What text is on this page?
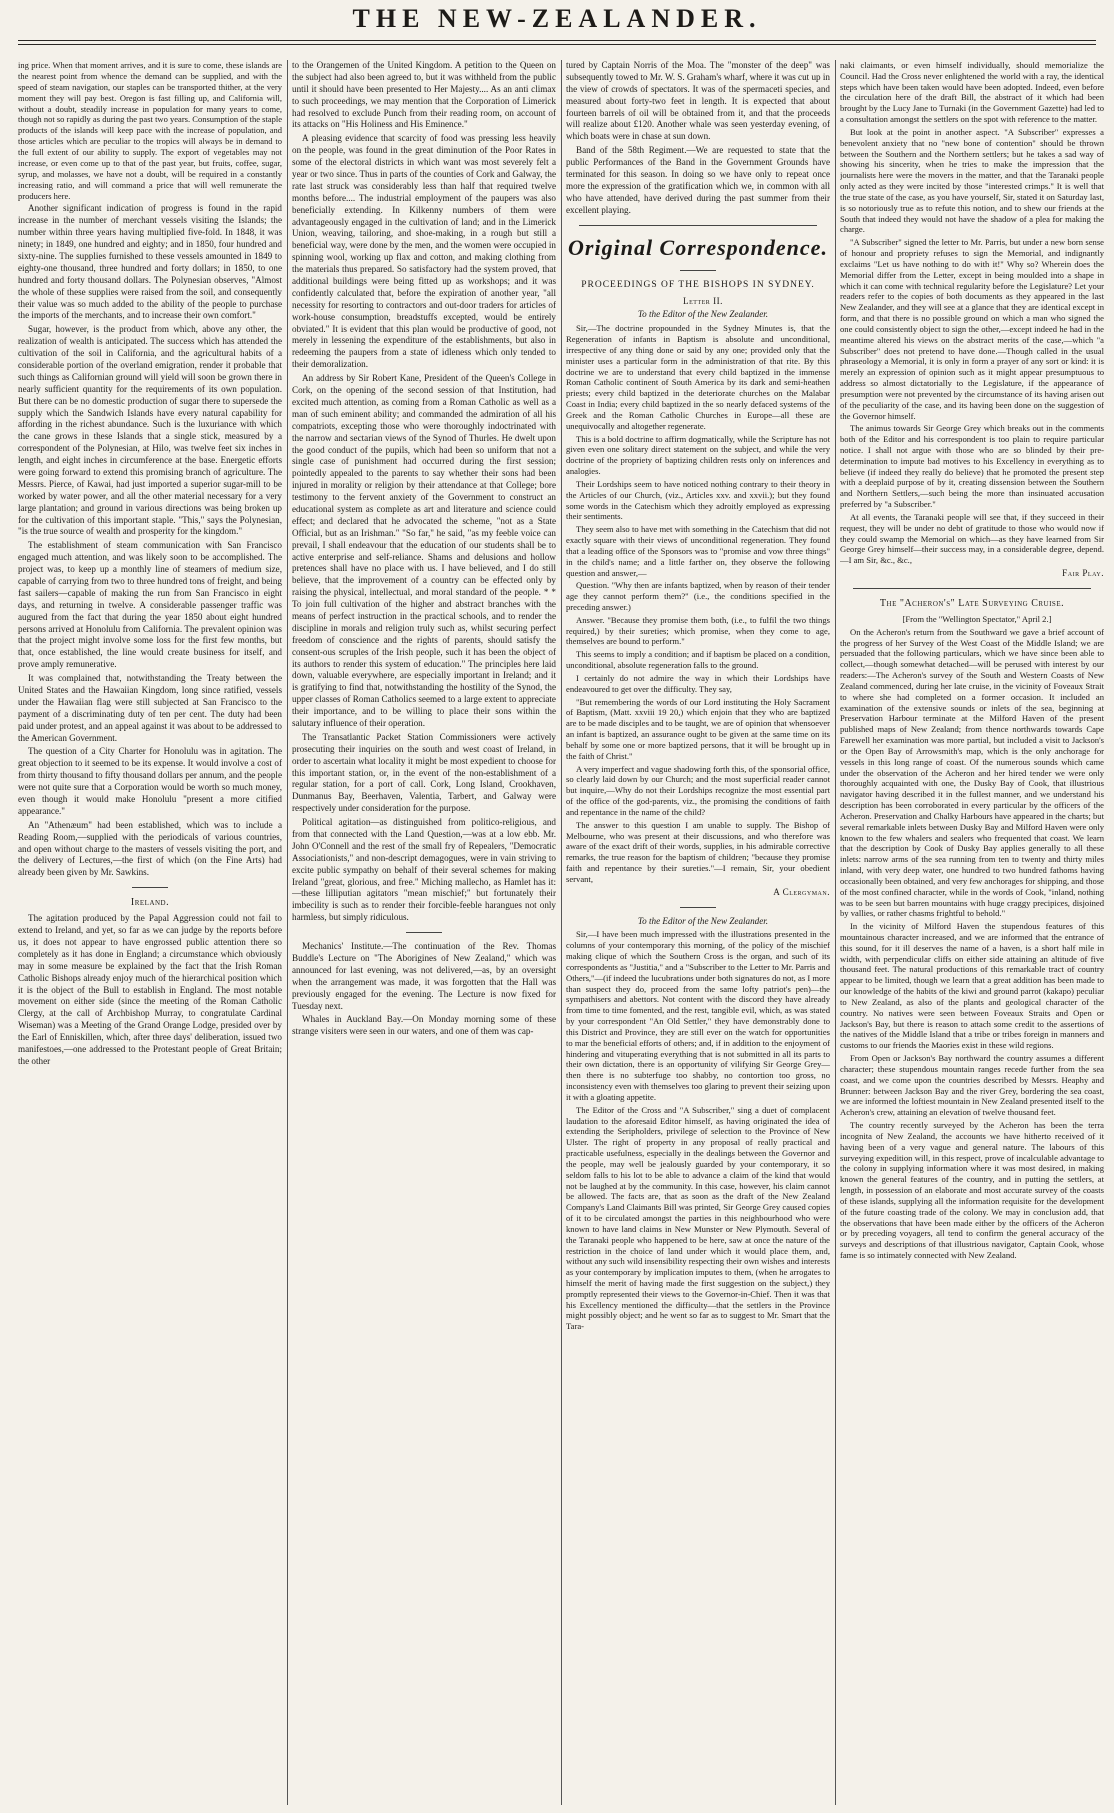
THE NEW-ZEALANDER.

ing price. When that moment arrives, and it is sure to come, these islands are the nearest point from whence the demand can be supplied, and with the speed of steam navigation, our staples can be transported thither, at the very moment they will pay best. Oregon is fast filling up, and California will, without a doubt, steadily increase in population for many years to come, though not so rapidly as during the past two years. Consumption of the staple products of the islands will keep pace with the increase of population, and those articles which are peculiar to the tropics will always be in demand to the full extent of our ability to supply. The export of vegetables may not increase, or even come up to that of the past year, but fruits, coffee, sugar, syrup, and molasses, we have not a doubt, will be required in a constantly increasing ratio, and will command a price that will well remunerate the producers here.

Another significant indication of progress is found in the rapid increase in the number of merchant vessels visiting the Islands; the number within three years having multiplied five-fold. In 1848, it was ninety; in 1849, one hundred and eighty; and in 1850, four hundred and sixty-nine. The supplies furnished to these vessels amounted in 1849 to eighty-one thousand, three hundred and forty dollars; in 1850, to one hundred and forty thousand dollars. The Polynesian observes, "Almost the whole of these supplies were raised from the soil, and consequently their value was so much added to the ability of the people to purchase the imports of the merchants, and to increase their own comfort."

Sugar, however, is the product from which, above any other, the realization of wealth is anticipated. The success which has attended the cultivation of the soil in California, and the agricultural habits of a considerable portion of the overland emigration, render it probable that such things as Californian ground will yield will soon be grown there in nearly sufficient quantity for the requirements of its own population. But there can be no domestic production of sugar there to supersede the supply which the Sandwich Islands have every natural capability for affording in the richest abundance. Such is the luxuriance with which the cane grows in these Islands that a single stick, measured by a correspondent of the Polynesian, at Hilo, was twelve feet six inches in length, and eight inches in circumference at the base. Energetic efforts were going forward to extend this promising branch of agriculture. The Messrs. Pierce, of Kawai, had just imported a superior sugar-mill to be worked by water power, and all the other material necessary for a very large plantation; and ground in various directions was being broken up for the cultivation of this important staple. "This," says the Polynesian, "is the true source of wealth and prosperity for the kingdom."

The establishment of steam communication with San Francisco engaged much attention, and was likely soon to be accomplished. The project was, to keep up a monthly line of steamers of medium size, capable of carrying from two to three hundred tons of freight, and being fast sailers—capable of making the run from San Francisco in eight days, and returning in twelve. A considerable passenger traffic was augured from the fact that during the year 1850 about eight hundred persons arrived at Honolulu from California. The prevalent opinion was that the project might involve some loss for the first few months, but that, once established, the line would create business for itself, and prove amply remunerative.

It was complained that, notwithstanding the Treaty between the United States and the Hawaiian Kingdom, long since ratified, vessels under the Hawaiian flag were still subjected at San Francisco to the payment of a discriminating duty of ten per cent. The duty had been paid under protest, and an appeal against it was about to be addressed to the American Government.

The question of a City Charter for Honolulu was in agitation. The great objection to it seemed to be its expense. It would involve a cost of from thirty thousand to fifty thousand dollars per annum, and the people were not quite sure that a Corporation would be worth so much money, even though it would make Honolulu "present a more citified appearance."

An "Athenæum" had been established, which was to include a Reading Room,—supplied with the periodicals of various countries, and open without charge to the masters of vessels visiting the port, and the delivery of Lectures,—the first of which (on the Fine Arts) had already been given by Mr. Sawkins.

Ireland.

The agitation produced by the Papal Aggression could not fail to extend to Ireland, and yet, so far as we can judge by the reports before us, it does not appear to have engrossed public attention there so completely as it has done in England; a circumstance which obviously may in some measure be explained by the fact that the Irish Roman Catholic Bishops already enjoy much of the hierarchical position which it is the object of the Bull to establish in England. The most notable movement on either side (since the meeting of the Roman Catholic Clergy, at the call of Archbishop Murray, to congratulate Cardinal Wiseman) was a Meeting of the Grand Orange Lodge, presided over by the Earl of Enniskillen, which, after three days' deliberation, issued two manifestoes,—one addressed to the Protestant people of Great Britain; the other

to the Orangemen of the United Kingdom. A petition to the Queen on the subject had also been agreed to, but it was withheld from the public until it should have been presented to Her Majesty.... As an anti climax to such proceedings, we may mention that the Corporation of Limerick had resolved to exclude Punch from their reading room, on account of its attacks on "His Holiness and His Eminence."

A pleasing evidence that scarcity of food was pressing less heavily on the people, was found in the great diminution of the Poor Rates in some of the electoral districts in which want was most severely felt a year or two since. Thus in parts of the counties of Cork and Galway, the rate last struck was considerably less than half that required twelve months before.... The industrial employment of the paupers was also beneficially extending. In Kilkenny numbers of them were advantageously engaged in the cultivation of land; and in the Limerick Union, weaving, tailoring, and shoe-making, in a rough but still a beneficial way, were done by the men, and the women were occupied in spinning wool, working up flax and cotton, and making clothing from the materials thus prepared. So satisfactory had the system proved, that additional buildings were being fitted up as workshops; and it was confidently calculated that, before the expiration of another year, "all necessity for resorting to contractors and out-door traders for articles of work-house consumption, breadstuffs excepted, would be entirely obviated." It is evident that this plan would be productive of good, not merely in lessening the expenditure of the establishments, but also in redeeming the paupers from a state of idleness which only tended to their demoralization.

An address by Sir Robert Kane, President of the Queen's College in Cork, on the opening of the second session of that Institution, had excited much attention, as coming from a Roman Catholic as well as a man of such eminent ability; and commanded the admiration of all his compatriots, excepting those who were thoroughly indoctrinated with the narrow and sectarian views of the Synod of Thurles. He dwelt upon the good conduct of the pupils, which had been so uniform that not a single case of punishment had occurred during the first session; pointedly appealed to the parents to say whether their sons had been injured in morality or religion by their attendance at that College; bore testimony to the fervent anxiety of the Government to construct an educational system as complete as art and literature and science could effect; and declared that he advocated the scheme, "not as a State Official, but as an Irishman." "So far," he said, "as my feeble voice can prevail, I shall endeavour that the education of our students shall be to active enterprise and self-reliance. Shams and delusions and hollow pretences shall have no place with us. I have believed, and I do still believe, that the improvement of a country can be effected only by raising the physical, intellectual, and moral standard of the people. * * To join full cultivation of the higher and abstract branches with the means of perfect instruction in the practical schools, and to render the discipline in morals and religion truly such as, whilst securing perfect freedom of conscience and the rights of parents, should satisfy the consent-ous scruples of the Irish people, such it has been the object of its authors to render this system of education." The principles here laid down, valuable everywhere, are especially important in Ireland; and it is gratifying to find that, notwithstanding the hostility of the Synod, the upper classes of Roman Catholics seemed to a large extent to appreciate their importance, and to be willing to place their sons within the salutary influence of their operation.

The Transatlantic Packet Station Commissioners were actively prosecuting their inquiries on the south and west coast of Ireland, in order to ascertain what locality it might be most expedient to choose for this important station, or, in the event of the non-establishment of a regular station, for a port of call. Cork, Long Island, Crookhaven, Dunmanus Bay, Beerhaven, Valentia, Tarbert, and Galway were respectively under consideration for the purpose.

Political agitation—as distinguished from politico-religious, and from that connected with the Land Question,—was at a low ebb. Mr. John O'Connell and the rest of the small fry of Repealers, "Democratic Associationists," and non-descript demagogues, were in vain striving to excite public sympathy on behalf of their several schemes for making Ireland "great, glorious, and free." Miching mallecho, as Hamlet has it:—these lilliputian agitators "mean mischief;" but fortunately their imbecility is such as to render their forcible-feeble harangues not only harmless, but simply ridiculous.

Mechanics' Institute.—The continuation of the Rev. Thomas Buddle's Lecture on "The Aborigines of New Zealand," which was announced for last evening, was not delivered,—as, by an oversight when the arrangement was made, it was forgotten that the Hall was previously engaged for the evening. The Lecture is now fixed for Tuesday next.

Whales in Auckland Bay.—On Monday morning some of these strange visiters were seen in our waters, and one of them was cap-

tured by Captain Norris of the Moa. The "monster of the deep" was subsequently towed to Mr. W. S. Graham's wharf, where it was cut up in the view of crowds of spectators. It was of the spermaceti species, and measured about forty-two feet in length. It is expected that about fourteen barrels of oil will be obtained from it, and that the proceeds will realize about £120. Another whale was seen yesterday evening, of which boats were in chase at sun down.

Band of the 58th Regiment.—We are requested to state that the public Performances of the Band in the Government Grounds have terminated for this season. In doing so we have only to repeat once more the expression of the gratification which we, in common with all who have attended, have derived during the past summer from their excellent playing.

Original Correspondence.
PROCEEDINGS OF THE BISHOPS IN SYDNEY.

Letter II.

To the Editor of the New Zealander.

Sir,—The doctrine propounded in the Sydney Minutes is, that the Regeneration of infants in Baptism is absolute and unconditional, irrespective of any thing done or said by any one; provided only that the minister uses a particular form in the administration of that rite. By this doctrine we are to understand that every child baptized in the immense Roman Catholic continent of South America by its dark and semi-heathen priests; every child baptized in the deteriorate churches on the Malabar Coast in India; every child baptized in the so nearly defaced systems of the Greek and the Roman Catholic Churches in Europe—all these are unequivocally and altogether regenerate.

This is a bold doctrine to affirm dogmatically, while the Scripture has not given even one solitary direct statement on the subject, and while the very doctrine of the propriety of baptizing children rests only on inferences and analogies.

Their Lordships seem to have noticed nothing contrary to their theory in the Articles of our Church, (viz., Articles xxv. and xxvii.); but they found some words in the Catechism which they adroitly employed as expressing their sentiments.

They seem also to have met with something in the Catechism that did not exactly square with their views of unconditional regeneration. They found that a leading office of the Sponsors was to "promise and vow three things" in the child's name; and a little farther on, they observe the following question and answer,—

Question. "Why then are infants baptized, when by reason of their tender age they cannot perform them?" (i.e., the conditions specified in the preceding answer.)

Answer. "Because they promise them both, (i.e., to fulfil the two things required,) by their sureties; which promise, when they come to age, themselves are bound to perform."

This seems to imply a condition; and if baptism be placed on a condition, unconditional, absolute regeneration falls to the ground.

I certainly do not admire the way in which their Lordships have endeavoured to get over the difficulty. They say,

"But remembering the words of our Lord instituting the Holy Sacrament of Baptism, (Matt. xxviii 19 20,) which enjoin that they who are baptized are to be made disciples and to be taught, we are of opinion that whensoever an infant is baptized, an assurance ought to be given at the same time on its behalf by some one or more baptized persons, that it will be brought up in the faith of Christ."

A very imperfect and vague shadowing forth this, of the sponsorial office, so clearly laid down by our Church; and the most superficial reader cannot but inquire,—Why do not their Lordships recognize the most essential part of the office of the god-parents, viz., the promising the conditions of faith and repentance in the name of the child?

The answer to this question I am unable to supply. The Bishop of Melbourne, who was present at their discussions, and who therefore was aware of the exact drift of their words, supplies, in his admirable corrective remarks, the true reason for the baptism of children; "because they promise faith and repentance by their sureties."—I remain, Sir, your obedient servant,

A Clergyman.

To the Editor of the New Zealander.

Sir,—I have been much impressed with the illustrations presented in the columns of your contemporary this morning, of the policy of the mischief making clique of which the Southern Cross is the organ, and such of its correspondents as "Justitia," and a "Subscriber to the Letter to Mr. Parris and Others,"—(if indeed the lucubrations under both signatures do not, as I more than suspect they do, proceed from the same lofty patriot's pen)—the sympathisers and abettors. Not content with the discord they have already from time to time fomented, and the rest, tangible evil, which, as was stated by your correspondent "An Old Settler," they have demonstrably done to this District and Province, they are still ever on the watch for opportunities to mar the beneficial efforts of others; and, if in addition to the enjoyment of hindering and vituperating everything that is not submitted in all its parts to their own dictation, there is an opportunity of vilifying Sir George Grey—then there is no subterfuge too shabby, no contortion too gross, no inconsistency even with themselves too glaring to prevent their seizing upon it with a gloating appetite.

The Editor of the Cross and "A Subscriber," sing a duet of complacent laudation to the aforesaid Editor himself, as having originated the idea of extending the Seripholders, privilege of selection to the Province of New Ulster. The right of property in any proposal of really practical and practicable usefulness, especially in the dealings between the Governor and the people, may well be jealously guarded by your contemporary, it so seldom falls to his lot to be able to advance a claim of the kind that would not be laughed at by the community. In this case, however, his claim cannot be allowed. The facts are, that as soon as the draft of the New Zealand Company's Land Claimants Bill was printed, Sir George Grey caused copies of it to be circulated amongst the parties in this neighbourhood who were known to have land claims in New Munster or New Plymouth. Several of the Taranaki people who happened to be here, saw at once the nature of the restriction in the choice of land under which it would place them, and, without any such wild insensibility respecting their own wishes and interests as your contemporary by implication imputes to them, (when he arrogates to himself the merit of having made the first suggestion on the subject,) they promptly represented their views to the Governor-in-Chief. Then it was that his Excellency mentioned the difficulty—that the settlers in the Province might possibly object; and he went so far as to suggest to Mr. Smart that the Tara-

naki claimants, or even himself individually, should memorialize the Council. Had the Cross never enlightened the world with a ray, the identical steps which have been taken would have been adopted. Indeed, even before the circulation here of the draft Bill, the abstract of it which had been brought by the Lucy Jane to Turnaki (in the Government Gazette) had led to a consultation amongst the settlers on the spot with reference to the matter.

But look at the point in another aspect. "A Subscriber" expresses a benevolent anxiety that no "new bone of contention" should be thrown between the Southern and the Northern settlers; but he takes a sad way of showing his sincerity, when he tries to make the impression that the journalists here were the movers in the matter, and that the Taranaki people only acted as they were incited by those "interested crimps." It is well that the true state of the case, as you have yourself, Sir, stated it on Saturday last, is so notoriously true as to refute this notion, and to shew our friends at the South that indeed they would not have the shadow of a plea for making the charge.

"A Subscriber" signed the letter to Mr. Parris, but under a new born sense of honour and propriety refuses to sign the Memorial, and indignantly exclaims "Let us have nothing to do with it!" Why so? Wherein does the Memorial differ from the Letter, except in being moulded into a shape in which it can come with technical regularity before the Legislature? Let your readers refer to the copies of both documents as they appeared in the last New Zealander, and they will see at a glance that they are identical except in form, and that there is no possible ground on which a man who signed the one could consistently object to sign the other,—except indeed he had in the meantime altered his views on the abstract merits of the case,—which "a Subscriber" does not pretend to have done.—Though called in the usual phraseology a Memorial, it is only in form a prayer of any sort or kind: it is merely an expression of opinion such as it might appear presumptuous to address so almost dictatorially to the Legislature, if the appearance of presumption were not prevented by the circumstance of its having arisen out of the peculiarity of the case, and its having been done on the suggestion of the Governor himself.

The animus towards Sir George Grey which breaks out in the comments both of the Editor and his correspondent is too plain to require particular notice. I shall not argue with those who are so blinded by their pre-determination to impute bad motives to his Excellency in everything as to believe (if indeed they really do believe) that he promoted the present step with a deeplaid purpose of by it, creating dissension between the Southern and Northern Settlers,—such being the more than insinuated accusation preferred by "a Subscriber."

At all events, the Taranaki people will see that, if they succeed in their request, they will be under no debt of gratitude to those who would now if they could swamp the Memorial on which—as they have learned from Sir George Grey himself—their success may, in a considerable degree, depend.—I am Sir, &c., &c.,

Fair Play.

The "Acheron's" Late Surveying Cruise.

[From the "Wellington Spectator," April 2.]

On the Acheron's return from the Southward we gave a brief account of the progress of her Survey of the West Coast of the Middle Island; we are persuaded that the following particulars, which we have since been able to collect,—though somewhat detached—will be perused with interest by our readers:—The Acheron's survey of the South and Western Coasts of New Zealand commenced, during her late cruise, in the vicinity of Foveaux Strait to where she had completed on a former occasion. It included an examination of the extensive sounds or inlets of the sea, beginning at Preservation Harbour terminate at the Milford Haven of the present published maps of New Zealand; from thence northwards towards Cape Farewell her examination was more partial, but included a visit to Jackson's or the Open Bay of Arrowsmith's map, which is the only anchorage for vessels in this long range of coast. Of the numerous sounds which came under the observation of the Acheron and her hired tender we were only thoroughly acquainted with one, the Dusky Bay of Cook, that illustrious navigator having described it in the fullest manner, and we understand his description has been corroborated in every particular by the officers of the Acheron. Preservation and Chalky Harbours have appeared in the charts; but several remarkable inlets between Dusky Bay and Milford Haven were only known to the few whalers and sealers who frequented that coast. We learn that the description by Cook of Dusky Bay applies generally to all these inlets: narrow arms of the sea running from ten to twenty and thirty miles inland, with very deep water, one hundred to two hundred fathoms having occasionally been obtained, and very few anchorages for shipping, and those of the most confined character, while in the words of Cook, "inland, nothing was to be seen but barren mountains with huge craggy precipices, disjoined by vallies, or rather chasms frightful to behold."

In the vicinity of Milford Haven the stupendous features of this mountainous character increased, and we are informed that the entrance of this sound, for it ill deserves the name of a haven, is a short half mile in width, with perpendicular cliffs on either side attaining an altitude of five thousand feet. The natural productions of this remarkable tract of country appear to be limited, though we learn that a great addition has been made to our knowledge of the habits of the kiwi and ground parrot (kakapo) peculiar to New Zealand, as also of the plants and geological character of the country. No natives were seen between Foveaux Straits and Open or Jackson's Bay, but there is reason to attach some credit to the assertions of the natives of the Middle Island that a tribe or tribes foreign in manners and customs to our friends the Maories exist in these wild regions.

From Open or Jackson's Bay northward the country assumes a different character; these stupendous mountain ranges recede further from the sea coast, and we come upon the countries described by Messrs. Heaphy and Brunner: between Jackson Bay and the river Grey, bordering the sea coast, we are informed the loftiest mountain in New Zealand presented itself to the Acheron's crew, attaining an elevation of twelve thousand feet.

The country recently surveyed by the Acheron has been the terra incognita of New Zealand, the accounts we have hitherto received of it having been of a very vague and general nature. The labours of this surveying expedition will, in this respect, prove of incalculable advantage to the colony in supplying information where it was most desired, in making known the general features of the country, and in putting the settlers, at length, in possession of an elaborate and most accurate survey of the coasts of these islands, supplying all the information requisite for the development of the future coasting trade of the colony. We may in conclusion add, that the observations that have been made either by the officers of the Acheron or by preceding voyagers, all tend to confirm the general accuracy of the surveys and descriptions of that illustrious navigator, Captain Cook, whose fame is so intimately connected with New Zealand.
